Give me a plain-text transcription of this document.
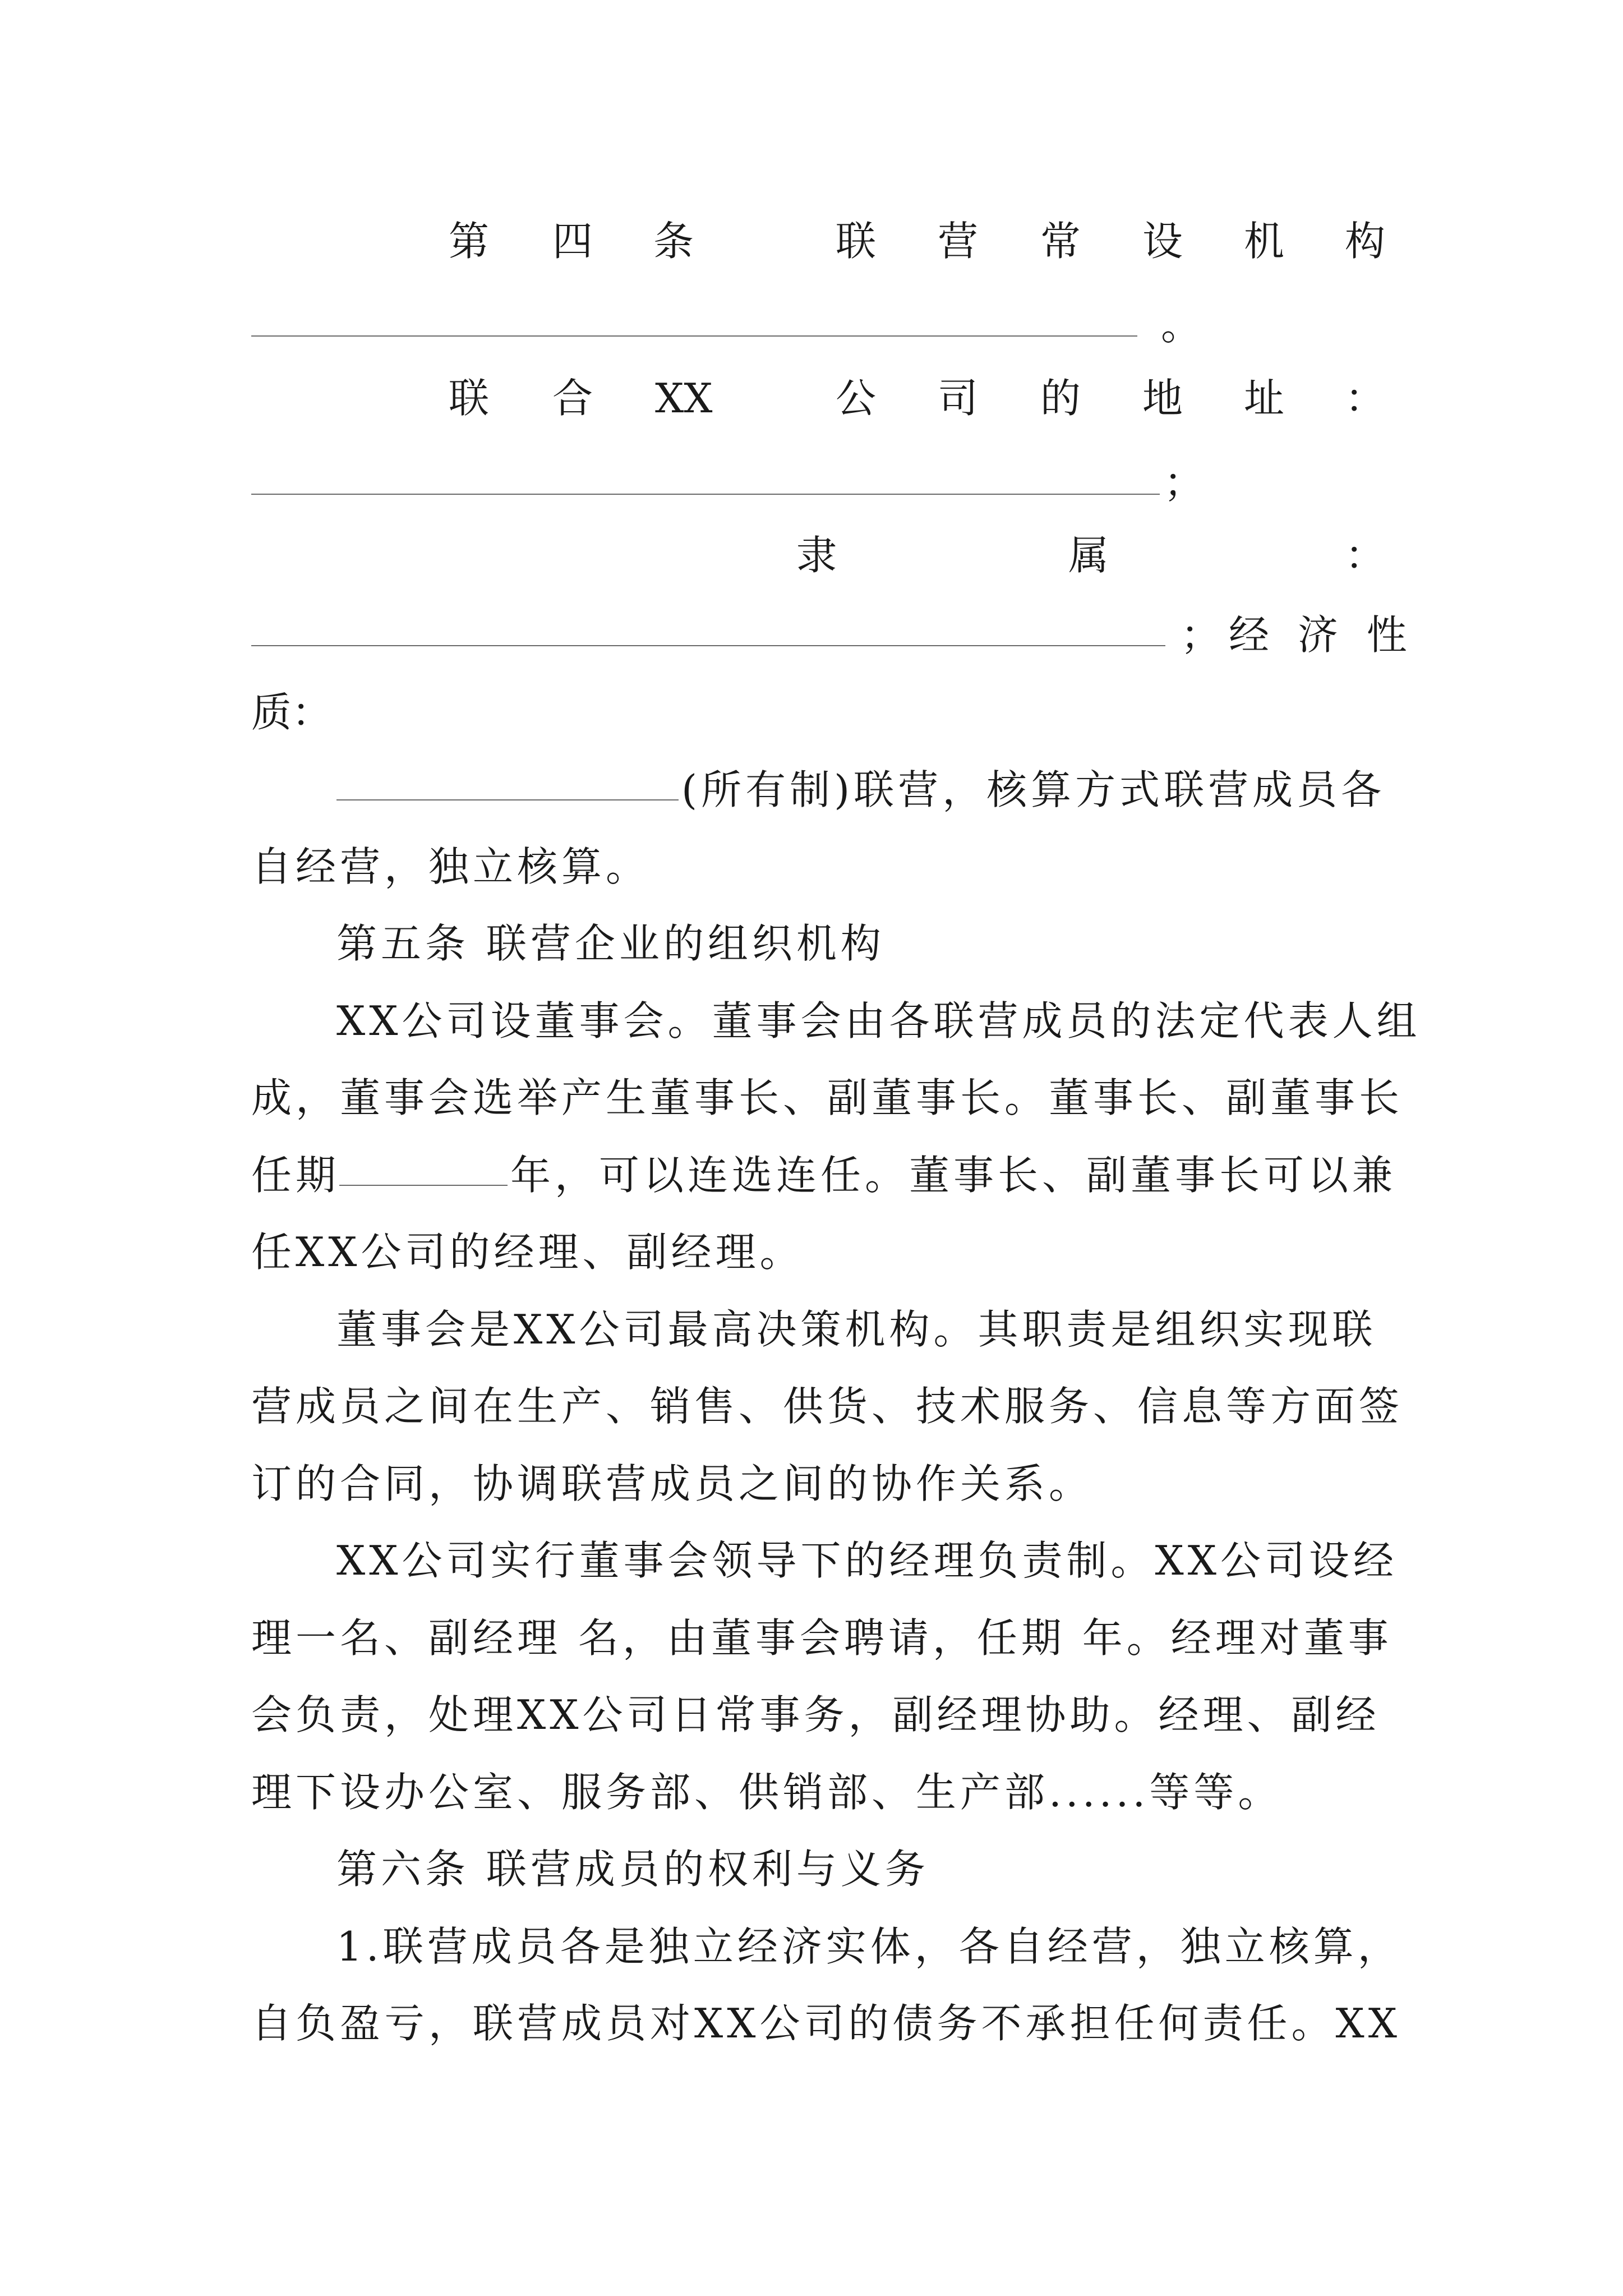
第 四 条	联 营 常 设 机 构
。
联 合 XX	公 司 的 地 址 ：
；
隶	属	：
；经 济 性
质：
(所有制)联营，核算方式联营成员各
自经营，独立核算。
第五条 联营企业的组织机构
XX公司设董事会。董事会由各联营成员的法定代表人组
成，董事会选举产生董事长、副董事长。董事长、副董事长
任期	年，可以连选连任。董事长、副董事长可以兼
任XX公司的经理、副经理。
董事会是XX公司最高决策机构。其职责是组织实现联
营成员之间在生产、销售、供货、技术服务、信息等方面签
订的合同，协调联营成员之间的协作关系。
XX公司实行董事会领导下的经理负责制。XX公司设经
理一名、副经理 名，由董事会聘请，任期 年。经理对董事
会负责，处理XX公司日常事务，副经理协助。经理、副经
理下设办公室、服务部、供销部、生产部......等等。
第六条 联营成员的权利与义务
1.联营成员各是独立经济实体，各自经营，独立核算，
自负盈亏，联营成员对XX公司的债务不承担任何责任。XX
